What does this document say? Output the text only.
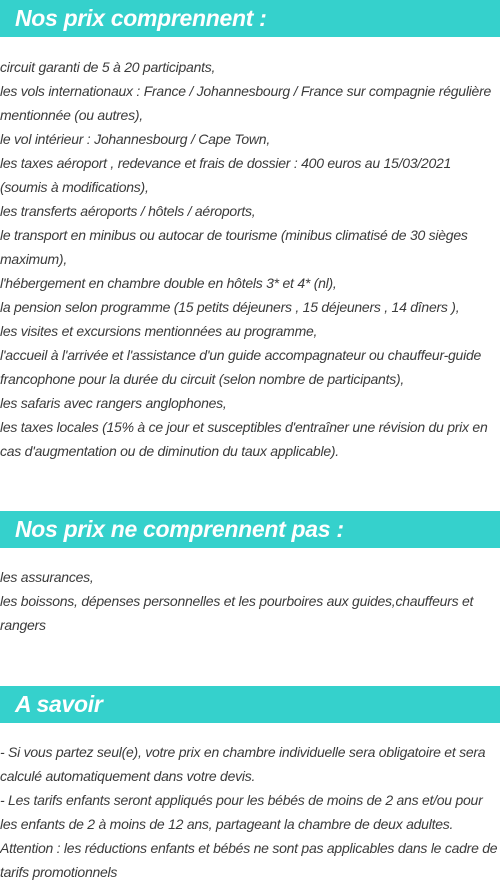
Nos prix comprennent :
circuit garanti de 5 à 20 participants,
les vols internationaux : France / Johannesbourg / France sur compagnie régulière mentionnée (ou autres),
le vol intérieur : Johannesbourg / Cape Town,
les taxes aéroport , redevance et frais de dossier : 400 euros au 15/03/2021 (soumis à modifications),
les transferts aéroports / hôtels / aéroports,
le transport en minibus ou autocar de tourisme (minibus climatisé de 30 sièges maximum),
l'hébergement en chambre double en hôtels 3* et 4* (nl),
la pension selon programme (15 petits déjeuners , 15 déjeuners , 14 dîners ),
les visites et excursions mentionnées au programme,
l'accueil à l'arrivée et l'assistance d'un guide accompagnateur ou chauffeur-guide francophone pour la durée du circuit (selon nombre de participants),
les safaris avec rangers anglophones,
les taxes locales (15% à ce jour et susceptibles d'entraîner une révision du prix en cas d'augmentation ou de diminution du taux applicable).
Nos prix ne comprennent pas :
les assurances,
les boissons, dépenses personnelles et les pourboires aux guides,chauffeurs et rangers
A savoir
- Si vous partez seul(e), votre prix en chambre individuelle sera obligatoire et sera calculé automatiquement dans votre devis.
- Les tarifs enfants seront appliqués pour les bébés de moins de 2 ans et/ou pour les enfants de 2 à moins de 12 ans, partageant la chambre de deux adultes.
Attention : les réductions enfants et bébés ne sont pas applicables dans le cadre de tarifs promotionnels
